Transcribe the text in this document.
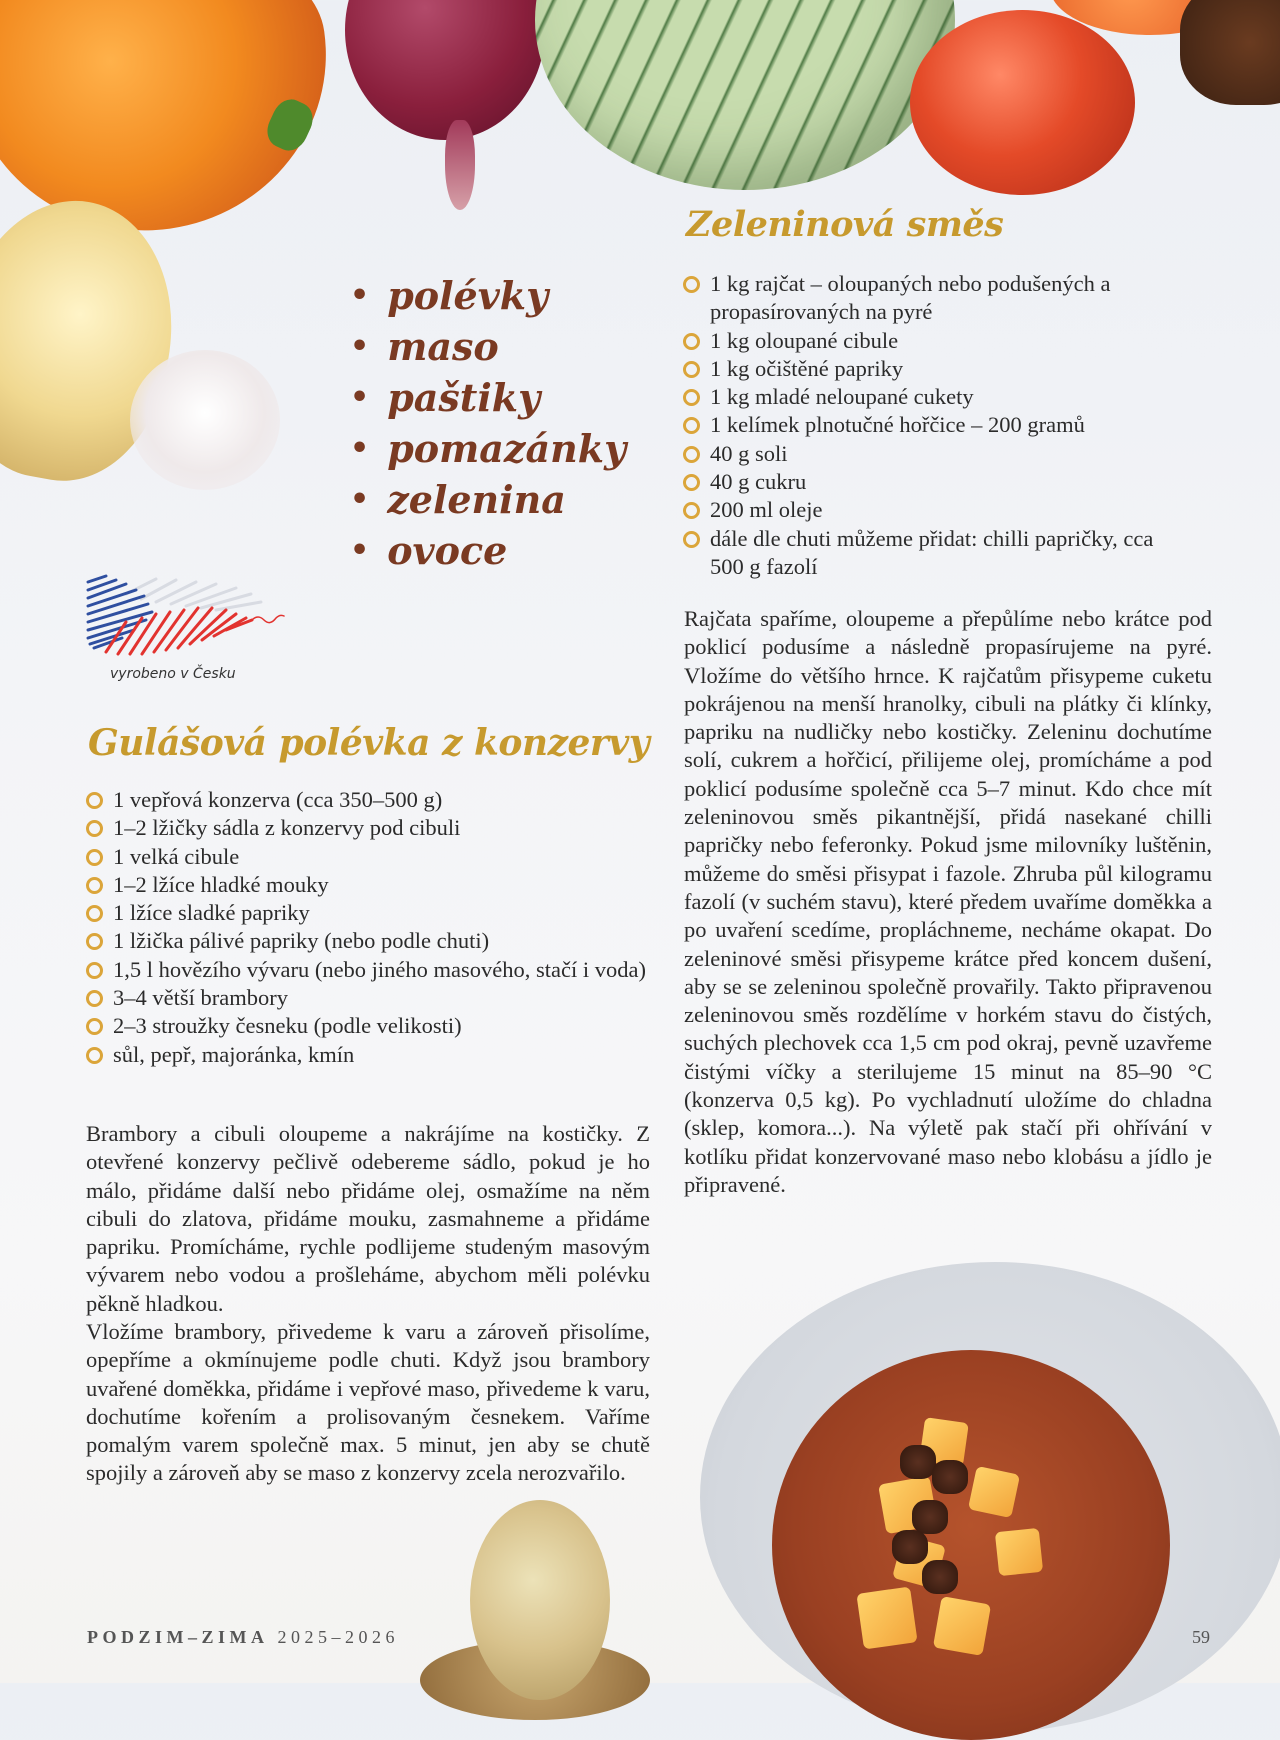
• polévky
• maso
• paštiky
• pomazánky
• zelenina
• ovoce
vyrobeno v Česku
Zeleninová směs
1 kg rajčat – oloupaných nebo podušených a propasírovaných na pyré
1 kg oloupané cibule
1 kg očištěné papriky
1 kg mladé neloupané cukety
1 kelímek plnotučné hořčice – 200 gramů
40 g soli
40 g cukru
200 ml oleje
dále dle chuti můžeme přidat: chilli papričky, cca 500 g fazolí

Rajčata spaříme, oloupeme a přepůlíme nebo krátce pod poklicí podusíme a následně propasírujeme na pyré. Vložíme do většího hrnce. K rajčatům přisypeme cuketu pokrájenou na menší hranolky, cibuli na plátky či klínky, papriku na nudličky nebo kostičky. Zeleninu dochutíme solí, cukrem a hořčicí, přilijeme olej, promícháme a pod poklicí podusíme společně cca 5–7 minut. Kdo chce mít zeleninovou směs pikantnější, přidá nasekané chilli papričky nebo feferonky. Pokud jsme milovníky luštěnin, můžeme do směsi přisypat i fazole. Zhruba půl kilogramu fazolí (v suchém stavu), které předem uvaříme doměkka a po uvaření scedíme, propláchneme, necháme okapat. Do zeleninové směsi přisypeme krátce před koncem dušení, aby se se zeleninou společně provařily. Takto připravenou zeleninovou směs rozdělíme v horkém stavu do čistých, suchých plechovek cca 1,5 cm pod okraj, pevně uzavřeme čistými víčky a sterilujeme 15 minut na 85–90 °C (konzerva 0,5 kg). Po vychladnutí uložíme do chladna (sklep, komora...). Na výletě pak stačí při ohřívání v kotlíku přidat konzervované maso nebo klobásu a jídlo je připravené.

Gulášová polévka z konzervy
1 vepřová konzerva (cca 350–500 g)
1–2 lžičky sádla z konzervy pod cibuli
1 velká cibule
1–2 lžíce hladké mouky
1 lžíce sladké papriky
1 lžička pálivé papriky (nebo podle chuti)
1,5 l hovězího vývaru (nebo jiného masového, stačí i voda)
3–4 větší brambory
2–3 stroužky česneku (podle velikosti)
sůl, pepř, majoránka, kmín

Brambory a cibuli oloupeme a nakrájíme na kostičky. Z otevřené konzervy pečlivě odebereme sádlo, pokud je ho málo, přidáme další nebo přidáme olej, osmažíme na něm cibuli do zlatova, přidáme mouku, zasmahneme a přidáme papriku. Promícháme, rychle podlijeme studeným masovým vývarem nebo vodou a prošleháme, abychom měli polévku pěkně hladkou.

Vložíme brambory, přivedeme k varu a zároveň přisolíme, opepříme a okmínujeme podle chuti. Když jsou brambory uvařené doměkka, přidáme i vepřové maso, přivedeme k varu, dochutíme kořením a prolisovaným česnekem. Vaříme pomalým varem společně max. 5 minut, jen aby se chutě spojily a zároveň aby se maso z konzervy zcela nerozvařilo.

PODZIM–ZIMA 2025–2026	59
